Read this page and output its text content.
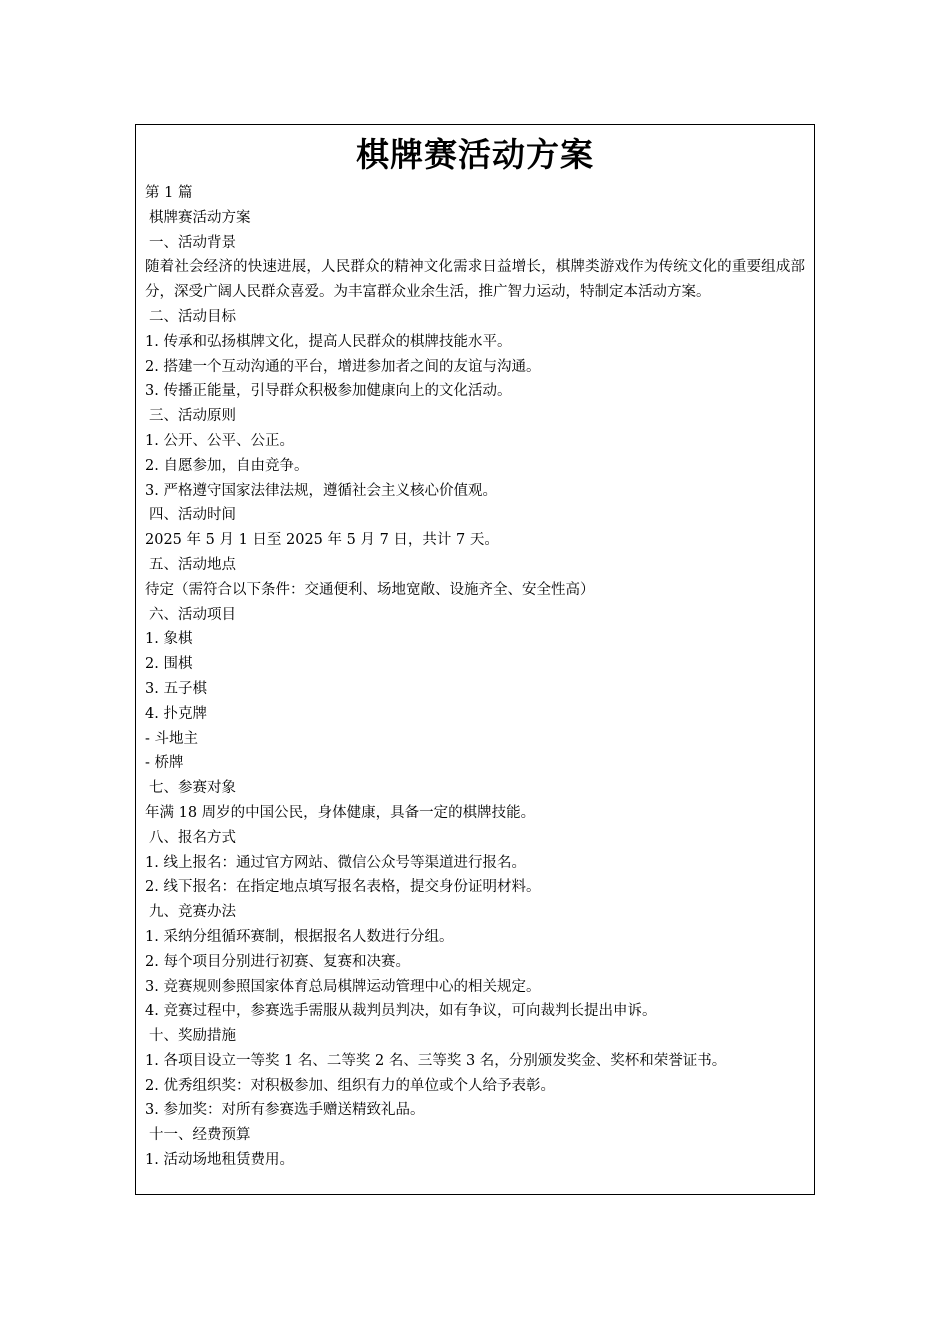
棋牌赛活动方案

第 1 篇

棋牌赛活动方案

一、活动背景

随着社会经济的快速进展，人民群众的精神文化需求日益增长，棋牌类游戏作为传统文化的重要组成部分，深受广阔人民群众喜爱。为丰富群众业余生活，推广智力运动，特制定本活动方案。

二、活动目标

1. 传承和弘扬棋牌文化，提高人民群众的棋牌技能水平。

2. 搭建一个互动沟通的平台，增进参加者之间的友谊与沟通。

3. 传播正能量，引导群众积极参加健康向上的文化活动。

三、活动原则

1. 公开、公平、公正。

2. 自愿参加，自由竞争。

3. 严格遵守国家法律法规，遵循社会主义核心价值观。

四、活动时间

2025 年 5 月 1 日至 2025 年 5 月 7 日，共计 7 天。

五、活动地点

待定（需符合以下条件：交通便利、场地宽敞、设施齐全、安全性高）

六、活动项目

1. 象棋

2. 围棋

3. 五子棋

4. 扑克牌

- 斗地主

- 桥牌

七、参赛对象

年满 18 周岁的中国公民，身体健康，具备一定的棋牌技能。

八、报名方式

1. 线上报名：通过官方网站、微信公众号等渠道进行报名。

2. 线下报名：在指定地点填写报名表格，提交身份证明材料。

九、竞赛办法

1. 采纳分组循环赛制，根据报名人数进行分组。

2. 每个项目分别进行初赛、复赛和决赛。

3. 竞赛规则参照国家体育总局棋牌运动管理中心的相关规定。

4. 竞赛过程中，参赛选手需服从裁判员判决，如有争议，可向裁判长提出申诉。

十、奖励措施

1. 各项目设立一等奖 1 名、二等奖 2 名、三等奖 3 名，分别颁发奖金、奖杯和荣誉证书。

2. 优秀组织奖：对积极参加、组织有力的单位或个人给予表彰。

3. 参加奖：对所有参赛选手赠送精致礼品。

十一、经费预算

1. 活动场地租赁费用。
